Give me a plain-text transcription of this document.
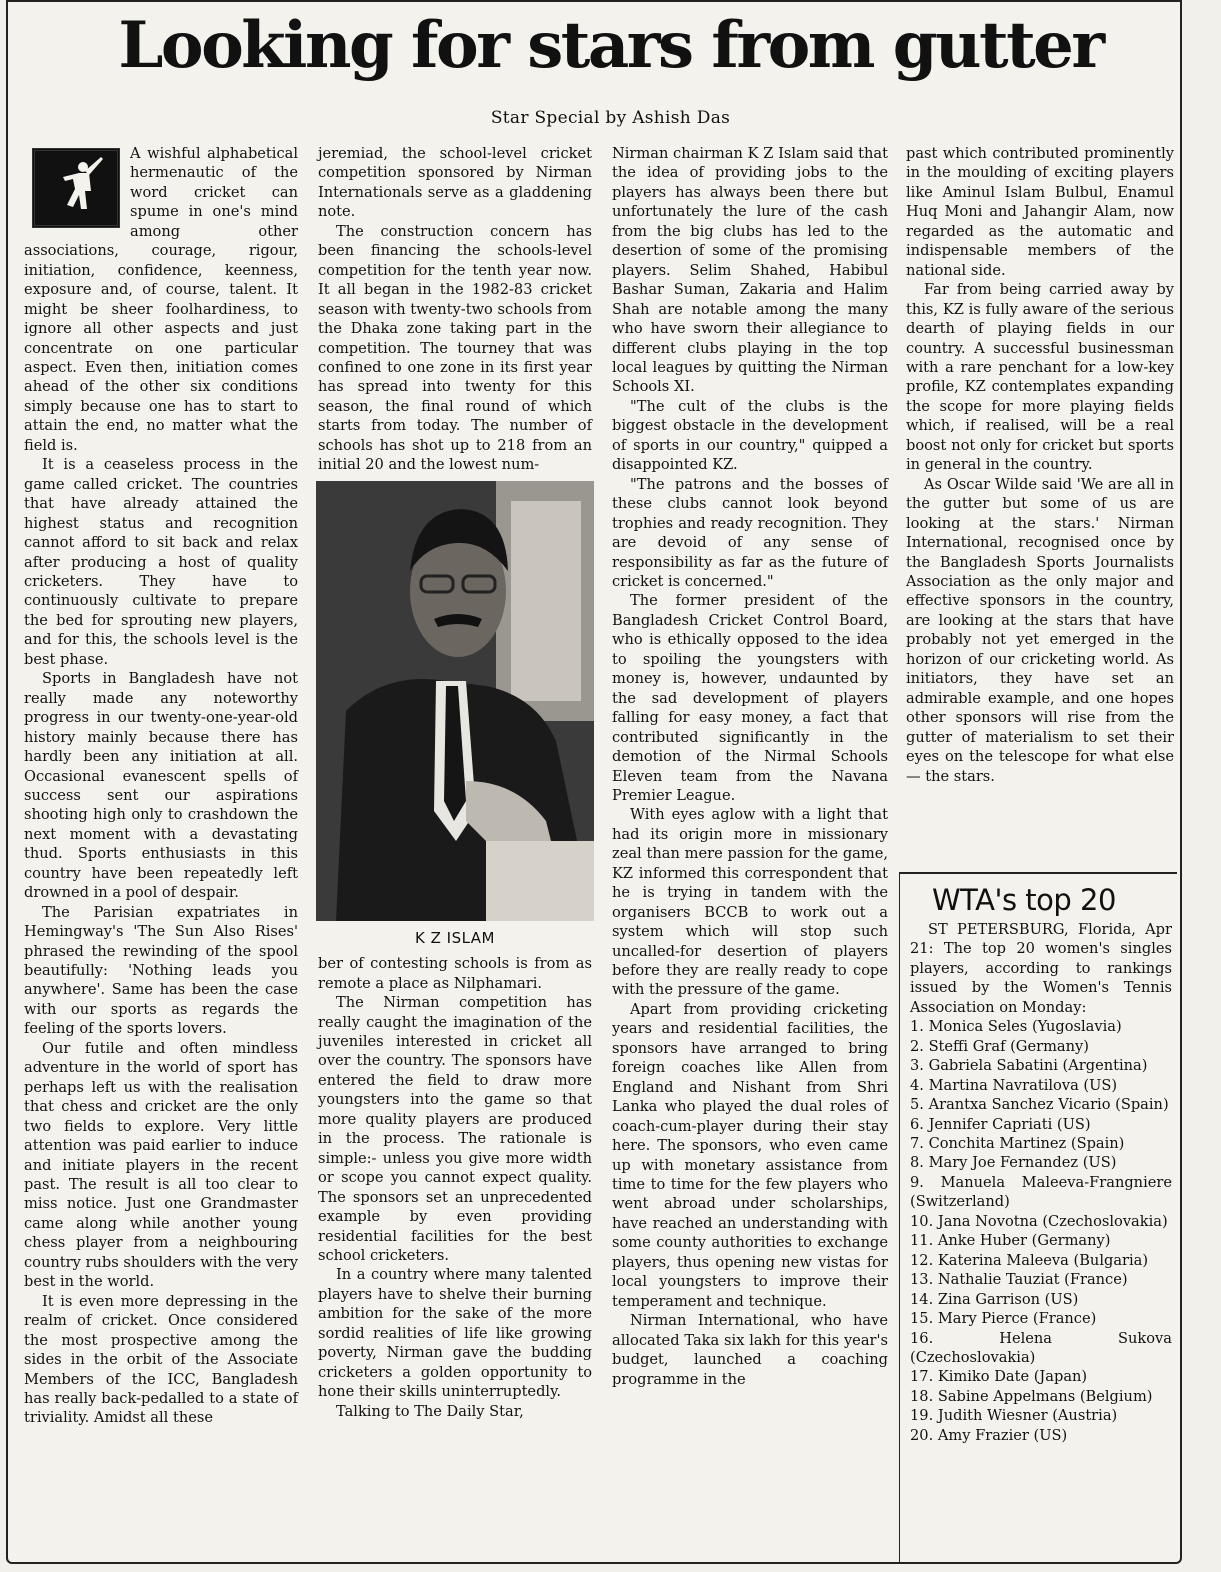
Looking for stars from gutter
Star Special by Ashish Das

A wishful alphabetical hermenautic of the word cricket can spume in one's mind among other associations, courage, rigour, initiation, confidence, keenness, exposure and, of course, talent. It might be sheer foolhardiness, to ignore all other aspects and just concentrate on one particular aspect. Even then, initiation comes ahead of the other six conditions simply because one has to start to attain the end, no matter what the field is.

It is a ceaseless process in the game called cricket. The countries that have already attained the highest status and recognition cannot afford to sit back and relax after producing a host of quality cricketers. They have to continuously cultivate to prepare the bed for sprouting new players, and for this, the schools level is the best phase.

Sports in Bangladesh have not really made any noteworthy progress in our twenty-one-year-old history mainly because there has hardly been any initiation at all. Occasional evanescent spells of success sent our aspirations shooting high only to crashdown the next moment with a devastating thud. Sports enthusiasts in this country have been repeatedly left drowned in a pool of despair.

The Parisian expatriates in Hemingway's 'The Sun Also Rises' phrased the rewinding of the spool beautifully: 'Nothing leads you anywhere'. Same has been the case with our sports as regards the feeling of the sports lovers.

Our futile and often mindless adventure in the world of sport has perhaps left us with the realisation that chess and cricket are the only two fields to explore. Very little attention was paid earlier to induce and initiate players in the recent past. The result is all too clear to miss notice. Just one Grandmaster came along while another young chess player from a neighbouring country rubs shoulders with the very best in the world.

It is even more depressing in the realm of cricket. Once considered the most prospective among the sides in the orbit of the Associate Members of the ICC, Bangladesh has really back-pedalled to a state of triviality. Amidst all these

jeremiad, the school-level cricket competition sponsored by Nirman Internationals serve as a gladdening note.

The construction concern has been financing the schools-level competition for the tenth year now. It all began in the 1982-83 cricket season with twenty-two schools from the Dhaka zone taking part in the competition. The tourney that was confined to one zone in its first year has spread into twenty for this season, the final round of which starts from today. The number of schools has shot up to 218 from an initial 20 and the lowest num-

K Z ISLAM

ber of contesting schools is from as remote a place as Nilphamari.

The Nirman competition has really caught the imagination of the juveniles interested in cricket all over the country. The sponsors have entered the field to draw more youngsters into the game so that more quality players are produced in the process. The rationale is simple:- unless you give more width or scope you cannot expect quality. The sponsors set an unprecedented example by even providing residential facilities for the best school cricketers.

In a country where many talented players have to shelve their burning ambition for the sake of the more sordid realities of life like growing poverty, Nirman gave the budding cricketers a golden opportunity to hone their skills uninterruptedly.

Talking to The Daily Star,

Nirman chairman K Z Islam said that the idea of providing jobs to the players has always been there but unfortunately the lure of the cash from the big clubs has led to the desertion of some of the promising players. Selim Shahed, Habibul Bashar Suman, Zakaria and Halim Shah are notable among the many who have sworn their allegiance to different clubs playing in the top local leagues by quitting the Nirman Schools XI.

"The cult of the clubs is the biggest obstacle in the development of sports in our country," quipped a disappointed KZ.

"The patrons and the bosses of these clubs cannot look beyond trophies and ready recognition. They are devoid of any sense of responsibility as far as the future of cricket is concerned."

The former president of the Bangladesh Cricket Control Board, who is ethically opposed to the idea to spoiling the youngsters with money is, however, undaunted by the sad development of players falling for easy money, a fact that contributed significantly in the demotion of the Nirmal Schools Eleven team from the Navana Premier League.

With eyes aglow with a light that had its origin more in missionary zeal than mere passion for the game, KZ informed this correspondent that he is trying in tandem with the organisers BCCB to work out a system which will stop such uncalled-for desertion of players before they are really ready to cope with the pressure of the game.

Apart from providing cricketing years and residential facilities, the sponsors have arranged to bring foreign coaches like Allen from England and Nishant from Shri Lanka who played the dual roles of coach-cum-player during their stay here. The sponsors, who even came up with monetary assistance from time to time for the few players who went abroad under scholarships, have reached an understanding with some county authorities to exchange players, thus opening new vistas for local youngsters to improve their temperament and technique.

Nirman International, who have allocated Taka six lakh for this year's budget, launched a coaching programme in the

past which contributed prominently in the moulding of exciting players like Aminul Islam Bulbul, Enamul Huq Moni and Jahangir Alam, now regarded as the automatic and indispensable members of the national side.

Far from being carried away by this, KZ is fully aware of the serious dearth of playing fields in our country. A successful businessman with a rare penchant for a low-key profile, KZ contemplates expanding the scope for more playing fields which, if realised, will be a real boost not only for cricket but sports in general in the country.

As Oscar Wilde said 'We are all in the gutter but some of us are looking at the stars.' Nirman International, recognised once by the Bangladesh Sports Journalists Association as the only major and effective sponsors in the country, are looking at the stars that have probably not yet emerged in the horizon of our cricketing world. As initiators, they have set an admirable example, and one hopes other sponsors will rise from the gutter of materialism to set their eyes on the telescope for what else — the stars.

WTA's top 20

ST PETERSBURG, Florida, Apr 21: The top 20 women's singles players, according to rankings issued by the Women's Tennis Association on Monday:

1. Monica Seles (Yugoslavia)
2. Steffi Graf (Germany)
3. Gabriela Sabatini (Argentina)
4. Martina Navratilova (US)
5. Arantxa Sanchez Vicario (Spain)
6. Jennifer Capriati (US)
7. Conchita Martinez (Spain)
8. Mary Joe Fernandez (US)
9. Manuela Maleeva-Frangniere (Switzerland)
10. Jana Novotna (Czechoslovakia)
11. Anke Huber (Germany)
12. Katerina Maleeva (Bulgaria)
13. Nathalie Tauziat (France)
14. Zina Garrison (US)
15. Mary Pierce (France)
16. Helena Sukova (Czechoslovakia)
17. Kimiko Date (Japan)
18. Sabine Appelmans (Belgium)
19. Judith Wiesner (Austria)
20. Amy Frazier (US)
